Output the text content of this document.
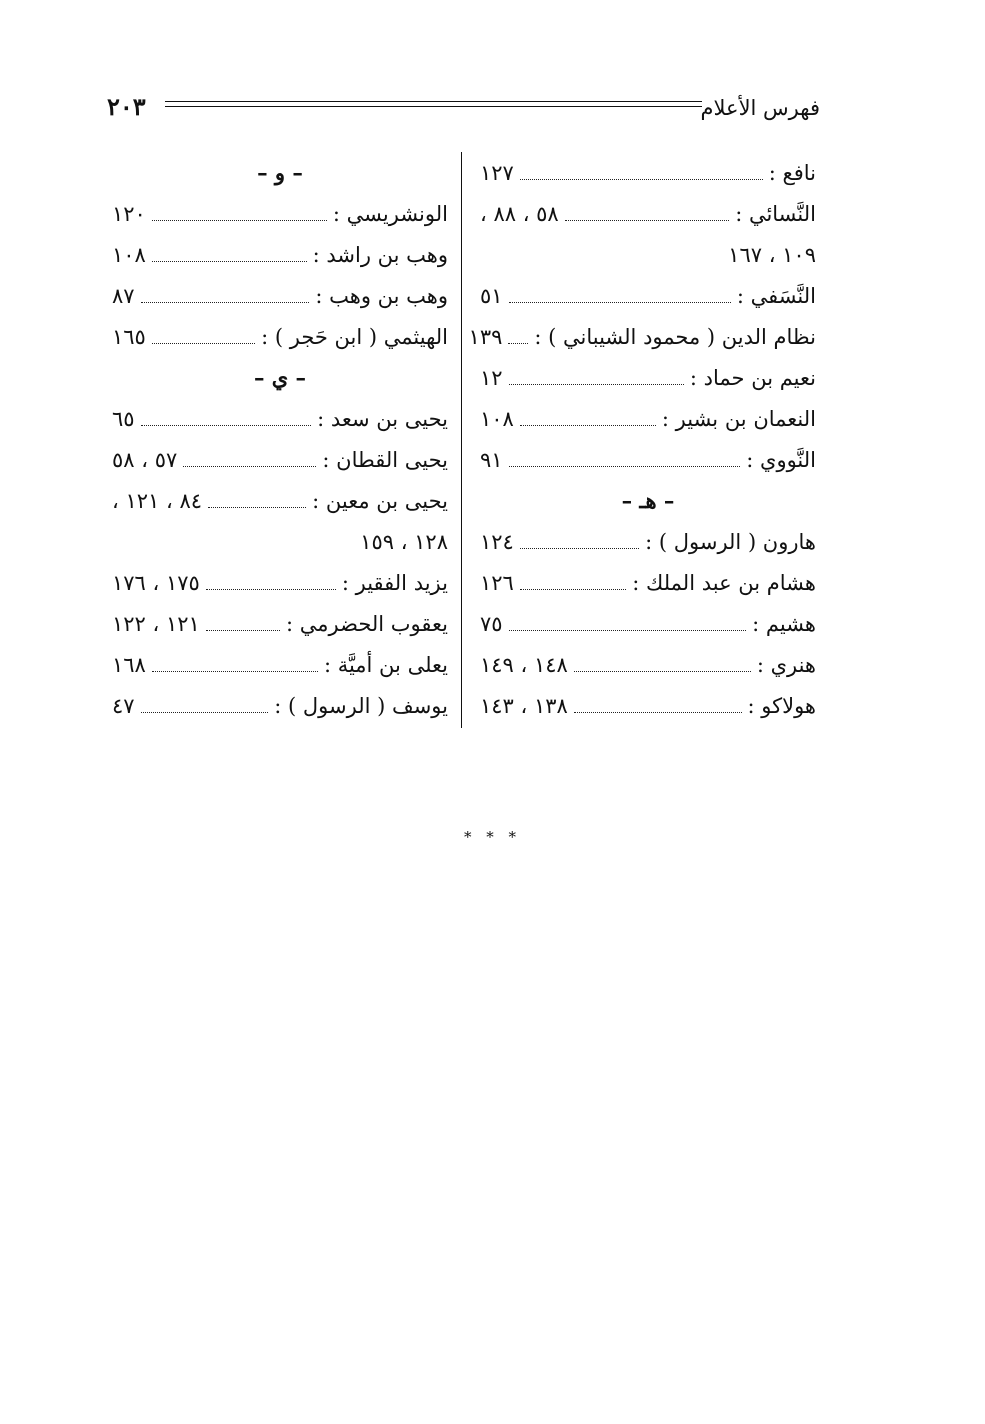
٢٠٣	فهرس الأعلام
نافع :
١٢٧
النَّسائي :
٥٨ ، ٨٨ ،
١٠٩ ، ١٦٧
النَّسَفي :
٥١
نظام الدين ( محمود الشيباني ) :
١٣٩
نعيم بن حماد :
١٢
النعمان بن بشير :
١٠٨
النَّووي :
٩١
– هـ –
هارون ( الرسول ) :
١٢٤
هشام بن عبد الملك :
١٢٦
هشيم :
٧٥
هنري :
١٤٨ ، ١٤٩
هولاكو :
١٣٨ ، ١٤٣
– و –
الونشريسي :
١٢٠
وهب بن راشد :
١٠٨
وهب بن وهب :
٨٧
الهيثمي ( ابن حَجر ) :
١٦٥
– ي –
يحيى بن سعد :
٦٥
يحيى القطان :
٥٧ ، ٥٨
يحيى بن معين :
٨٤ ، ١٢١ ،
١٢٨ ، ١٥٩
يزيد الفقير :
١٧٥ ، ١٧٦
يعقوب الحضرمي :
١٢١ ، ١٢٢
يعلى بن أميَّة :
١٦٨
يوسف ( الرسول ) :
٤٧
* * *
